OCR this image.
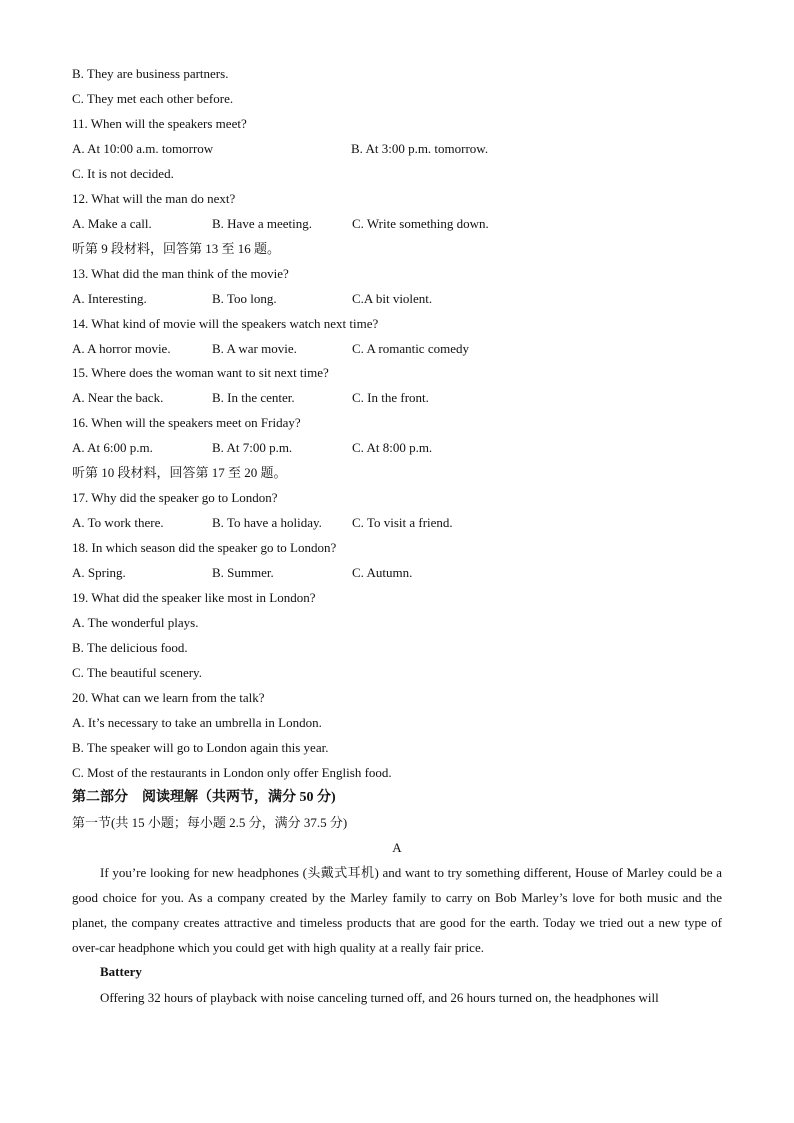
B. They are business partners.
C. They met each other before.
11. When will the speakers meet?
A. At 10:00 a.m. tomorrow	B. At 3:00 p.m. tomorrow.
C. It is not decided.
12. What will the man do next?
A. Make a call.	B. Have a meeting.	C. Write something down.
听第 9 段材料，回答第 13 至 16 题。
13. What did the man think of the movie?
A. Interesting.	B. Too long.	C.A bit violent.
14. What kind of movie will the speakers watch next time?
A. A horror movie.	B. A war movie.	C. A romantic comedy
15. Where does the woman want to sit next time?
A. Near the back.	B. In the center.	C. In the front.
16. When will the speakers meet on Friday?
A. At 6:00 p.m.	B. At 7:00 p.m.	C. At 8:00 p.m.
听第 10 段材料，回答第 17 至 20 题。
17. Why did the speaker go to London?
A. To work there.	B. To have a holiday. C. To visit a friend.
18. In which season did the speaker go to London?
A. Spring.	B. Summer.	C. Autumn.
19. What did the speaker like most in London?
A. The wonderful plays.
B. The delicious food.
C. The beautiful scenery.
20. What can we learn from the talk?
A. It’s necessary to take an umbrella in London.
B. The speaker will go to London again this year.
C. Most of the restaurants in London only offer English food.
第二部分　阅读理解（共两节，满分 50 分)
第一节(共 15 小题；每小题 2.5 分，满分 37.5 分)
A
If you’re looking for new headphones (头戴式耳机) and want to try something different, House of Marley could be a good choice for you. As a company created by the Marley family to carry on Bob Marley’s love for both music and the planet, the company creates attractive and timeless products that are good for the earth. Today we tried out a new type of over-car headphone which you could get with high quality at a really fair price.
Battery
Offering 32 hours of playback with noise canceling turned off, and 26 hours turned on, the headphones will
